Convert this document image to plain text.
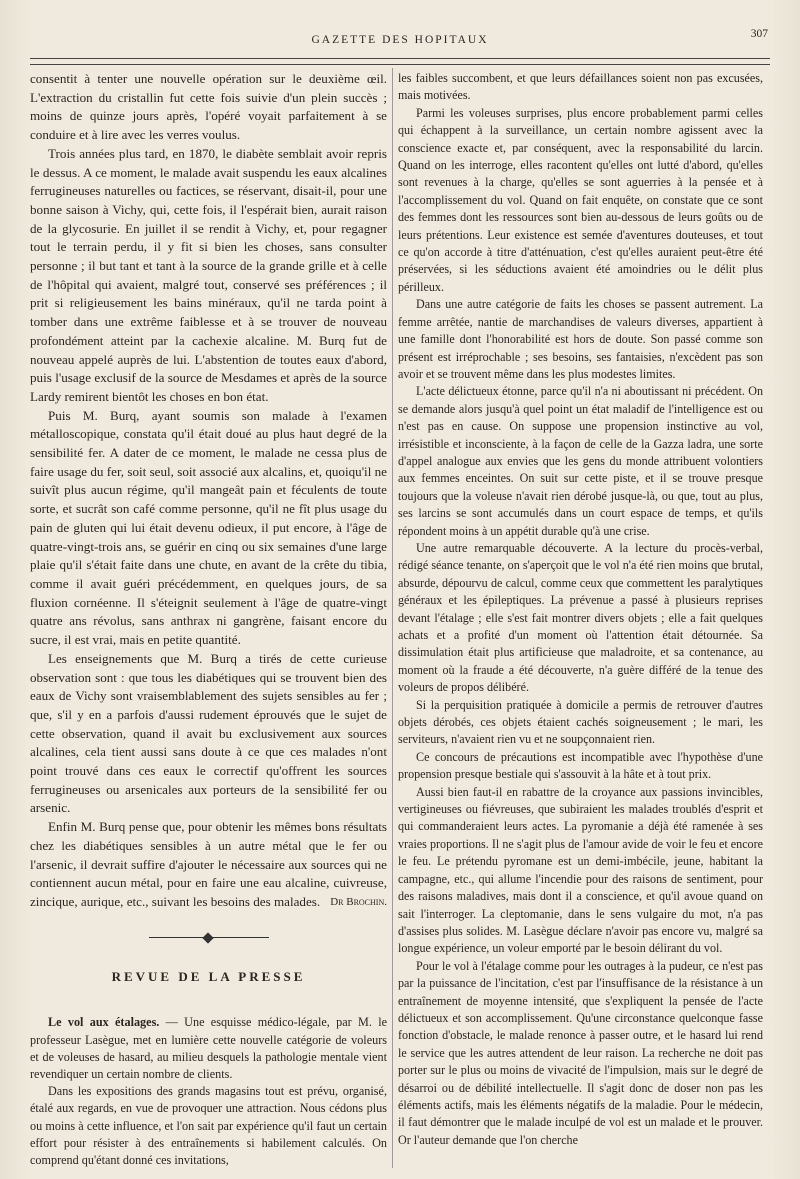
GAZETTE DES HOPITAUX	307

consentit à tenter une nouvelle opération sur le deuxième œil. L'extraction du cristallin fut cette fois suivie d'un plein succès ; moins de quinze jours après, l'opéré voyait parfaitement à se conduire et à lire avec les verres voulus.

Trois années plus tard, en 1870, le diabète semblait avoir repris le dessus. A ce moment, le malade avait suspendu les eaux alcalines ferrugineuses naturelles ou factices, se réservant, disait-il, pour une bonne saison à Vichy, qui, cette fois, il l'espérait bien, aurait raison de la glycosurie. En juillet il se rendit à Vichy, et, pour regagner tout le terrain perdu, il y fit si bien les choses, sans consulter personne ; il but tant et tant à la source de la grande grille et à celle de l'hôpital qui avaient, malgré tout, conservé ses préférences ; il prit si religieusement les bains minéraux, qu'il ne tarda point à tomber dans une extrême faiblesse et à se trouver de nouveau profondément atteint par la cachexie alcaline. M. Burq fut de nouveau appelé auprès de lui. L'abstention de toutes eaux d'abord, puis l'usage exclusif de la source de Mesdames et après de la source Lardy remirent bientôt les choses en bon état.

Puis M. Burq, ayant soumis son malade à l'examen métalloscopique, constata qu'il était doué au plus haut degré de la sensibilité fer. A dater de ce moment, le malade ne cessa plus de faire usage du fer, soit seul, soit associé aux alcalins, et, quoiqu'il ne suivît plus aucun régime, qu'il mangeât pain et féculents de toute sorte, et sucrât son café comme personne, qu'il ne fît plus usage du pain de gluten qui lui était devenu odieux, il put encore, à l'âge de quatre-vingt-trois ans, se guérir en cinq ou six semaines d'une large plaie qu'il s'était faite dans une chute, en avant de la crête du tibia, comme il avait guéri précédemment, en quelques jours, de sa fluxion cornéenne. Il s'éteignit seulement à l'âge de quatre-vingt quatre ans révolus, sans anthrax ni gangrène, faisant encore du sucre, il est vrai, mais en petite quantité.

Les enseignements que M. Burq a tirés de cette curieuse observation sont : que tous les diabétiques qui se trouvent bien des eaux de Vichy sont vraisemblablement des sujets sensibles au fer ; que, s'il y en a parfois d'aussi rudement éprouvés que le sujet de cette observation, quand il avait bu exclusivement aux sources alcalines, cela tient aussi sans doute à ce que ces malades n'ont point trouvé dans ces eaux le correctif qu'offrent les sources ferrugineuses ou arsenicales aux porteurs de la sensibilité fer ou arsenic.

Enfin M. Burq pense que, pour obtenir les mêmes bons résultats chez les diabétiques sensibles à un autre métal que le fer ou l'arsenic, il devrait suffire d'ajouter le nécessaire aux sources qui ne contiennent aucun métal, pour en faire une eau alcaline, cuivreuse, zincique, aurique, etc., suivant les besoins des malades. Dr Brochin.
REVUE DE LA PRESSE

Le vol aux étalages. — Une esquisse médico-légale, par M. le professeur Lasègue, met en lumière cette nouvelle catégorie de voleurs et de voleuses de hasard, au milieu desquels la pathologie mentale vient revendiquer un certain nombre de clients.

Dans les expositions des grands magasins tout est prévu, organisé, étalé aux regards, en vue de provoquer une attraction. Nous cédons plus ou moins à cette influence, et l'on sait par expérience qu'il faut un certain effort pour résister à des entraînements si habilement calculés. On comprend qu'étant donné ces invitations,

les faibles succombent, et que leurs défaillances soient non pas excusées, mais motivées.

Parmi les voleuses surprises, plus encore probablement parmi celles qui échappent à la surveillance, un certain nombre agissent avec la conscience exacte et, par conséquent, avec la responsabilité du larcin. Quand on les interroge, elles racontent qu'elles ont lutté d'abord, qu'elles sont revenues à la charge, qu'elles se sont aguerries à la pensée et à l'accomplissement du vol. Quand on fait enquête, on constate que ce sont des femmes dont les ressources sont bien au-dessous de leurs goûts ou de leurs prétentions. Leur existence est semée d'aventures douteuses, et tout ce qu'on accorde à titre d'atténuation, c'est qu'elles auraient peut-être été préservées, si les séductions avaient été amoindries ou le délit plus périlleux.

Dans une autre catégorie de faits les choses se passent autrement. La femme arrêtée, nantie de marchandises de valeurs diverses, appartient à une famille dont l'honorabilité est hors de doute. Son passé comme son présent est irréprochable ; ses besoins, ses fantaisies, n'excèdent pas son avoir et se trouvent même dans les plus modestes limites.

L'acte délictueux étonne, parce qu'il n'a ni aboutissant ni précédent. On se demande alors jusqu'à quel point un état maladif de l'intelligence est ou n'est pas en cause. On suppose une propension instinctive au vol, irrésistible et inconsciente, à la façon de celle de la Gazza ladra, une sorte d'appel analogue aux envies que les gens du monde attribuent volontiers aux femmes enceintes. On suit sur cette piste, et il se trouve presque toujours que la voleuse n'avait rien dérobé jusque-là, ou que, tout au plus, ses larcins se sont accumulés dans un court espace de temps, et qu'ils répondent moins à un appétit durable qu'à une crise.

Une autre remarquable découverte. A la lecture du procès-verbal, rédigé séance tenante, on s'aperçoit que le vol n'a été rien moins que brutal, absurde, dépourvu de calcul, comme ceux que commettent les paralytiques généraux et les épileptiques. La prévenue a passé à plusieurs reprises devant l'étalage ; elle s'est fait montrer divers objets ; elle a fait quelques achats et a profité d'un moment où l'attention était détournée. Sa dissimulation était plus artificieuse que maladroite, et sa contenance, au moment où la fraude a été découverte, n'a guère différé de la tenue des voleurs de propos délibéré.

Si la perquisition pratiquée à domicile a permis de retrouver d'autres objets dérobés, ces objets étaient cachés soigneusement ; le mari, les serviteurs, n'avaient rien vu et ne soupçonnaient rien.

Ce concours de précautions est incompatible avec l'hypothèse d'une propension presque bestiale qui s'assouvit à la hâte et à tout prix.

Aussi bien faut-il en rabattre de la croyance aux passions invincibles, vertigineuses ou fiévreuses, que subiraient les malades troublés d'esprit et qui commanderaient leurs actes. La pyromanie a déjà été ramenée à ses vraies proportions. Il ne s'agit plus de l'amour avide de voir le feu et encore le feu. Le prétendu pyromane est un demi-imbécile, jeune, habitant la campagne, etc., qui allume l'incendie pour des raisons de sentiment, pour des raisons maladives, mais dont il a conscience, et qu'il avoue quand on sait l'interroger. La cleptomanie, dans le sens vulgaire du mot, n'a pas d'assises plus solides. M. Lasègue déclare n'avoir pas encore vu, malgré sa longue expérience, un voleur emporté par le besoin délirant du vol.

Pour le vol à l'étalage comme pour les outrages à la pudeur, ce n'est pas par la puissance de l'incitation, c'est par l'insuffisance de la résistance à un entraînement de moyenne intensité, que s'expliquent la pensée de l'acte délictueux et son accomplissement. Qu'une circonstance quelconque fasse fonction d'obstacle, le malade renonce à passer outre, et le hasard lui rend le service que les autres attendent de leur raison. La recherche ne doit pas porter sur le plus ou moins de vivacité de l'impulsion, mais sur le degré de désarroi ou de débilité intellectuelle. Il s'agit donc de doser non pas les éléments actifs, mais les éléments négatifs de la maladie. Pour le médecin, il faut démontrer que le malade inculpé de vol est un malade et le prouver. Or l'auteur demande que l'on cherche
